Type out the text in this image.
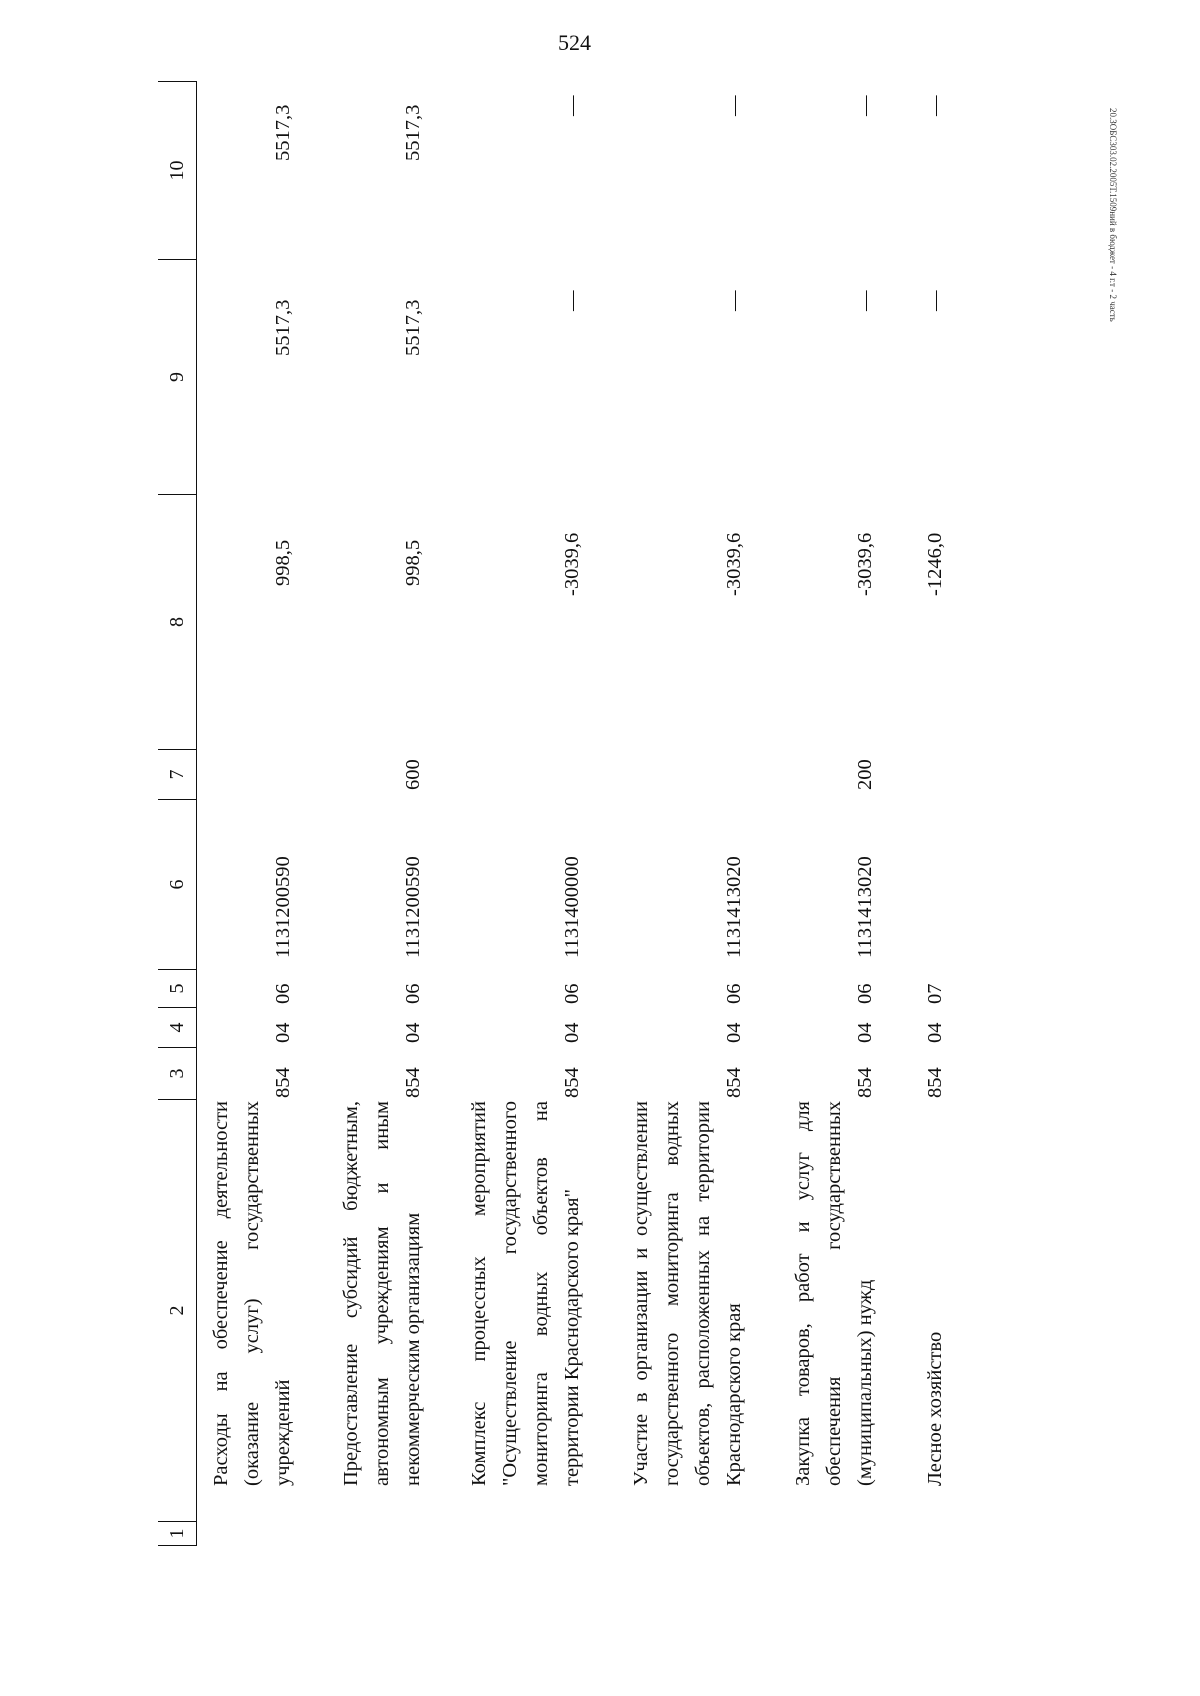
524
20.ЗОБС303.02.2005Т.1509ний в бюджет - 4 г.т - 2 часть
1
2
3
4
5
6
7
8
9
10
Расходы на обеспечение деятельности (оказание услуг) государственных учреждений
854
04
06
1131200590
998,5
5517,3
5517,3
Предоставление субсидий бюджетным, автономным учреждениям и иным некоммерческим организациям
854
04
06
1131200590
600
998,5
5517,3
5517,3
Комплекс процессных мероприятий "Осуществление государственного мониторинга водных объектов на территории Краснодарского края"
854
04
06
1131400000
-3039,6
—
—
Участие в организации и осуществлении государственного мониторинга водных объектов, расположенных на территории Краснодарского края
854
04
06
1131413020
-3039,6
—
—
Закупка товаров, работ и услуг для обеспечения государственных (муниципальных) нужд
854
04
06
1131413020
200
-3039,6
—
—
Лесное хозяйство
854
04
07
-1246,0
—
—
